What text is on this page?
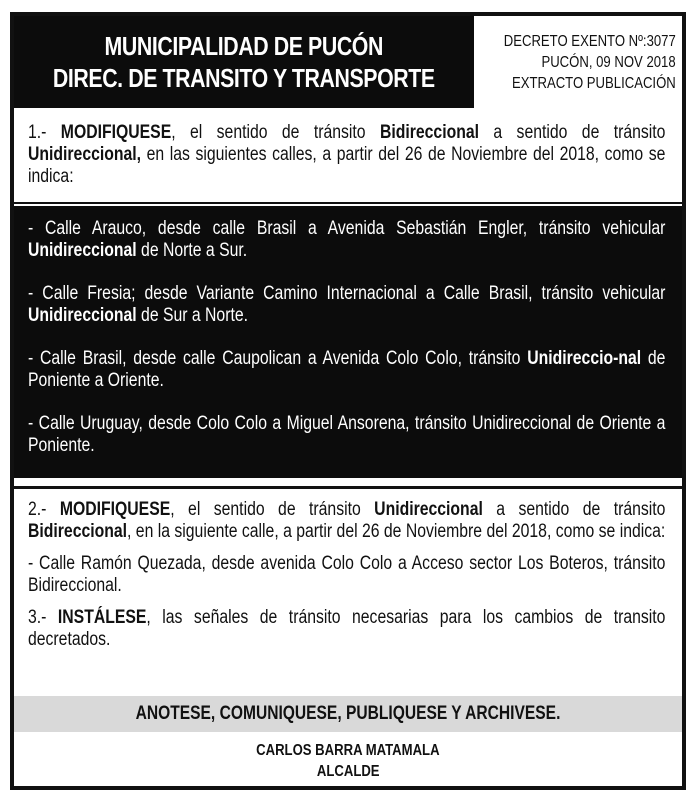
MUNICIPALIDAD DE PUCÓN
DIREC. DE TRANSITO Y TRANSPORTE
DECRETO EXENTO Nº:3077
PUCÓN, 09 NOV 2018
EXTRACTO PUBLICACIÓN

1.- MODIFIQUESE, el sentido de tránsito Bidireccional a sentido de tránsito Unidireccional, en las siguientes calles, a partir del 26 de Noviembre del 2018, como se indica:

- Calle Arauco, desde calle Brasil a Avenida Sebastián Engler, tránsito vehicular Unidireccional de Norte a Sur.

- Calle Fresia; desde Variante Camino Internacional a Calle Brasil, tránsito vehicular Unidireccional de Sur a Norte.

- Calle Brasil, desde calle Caupolican a Avenida Colo Colo, tránsito Unidireccio-nal de Poniente a Oriente.

- Calle Uruguay, desde Colo Colo a Miguel Ansorena, tránsito Unidireccional de Oriente a Poniente.

2.- MODIFIQUESE, el sentido de tránsito Unidireccional a sentido de tránsito Bidireccional, en la siguiente calle, a partir del 26 de Noviembre del 2018, como se indica:

- Calle Ramón Quezada, desde avenida Colo Colo a Acceso sector Los Boteros, tránsito Bidireccional.

3.- INSTÁLESE, las señales de tránsito necesarias para los cambios de transito decretados.

ANOTESE, COMUNIQUESE, PUBLIQUESE Y ARCHIVESE.
CARLOS BARRA MATAMALA
ALCALDE
